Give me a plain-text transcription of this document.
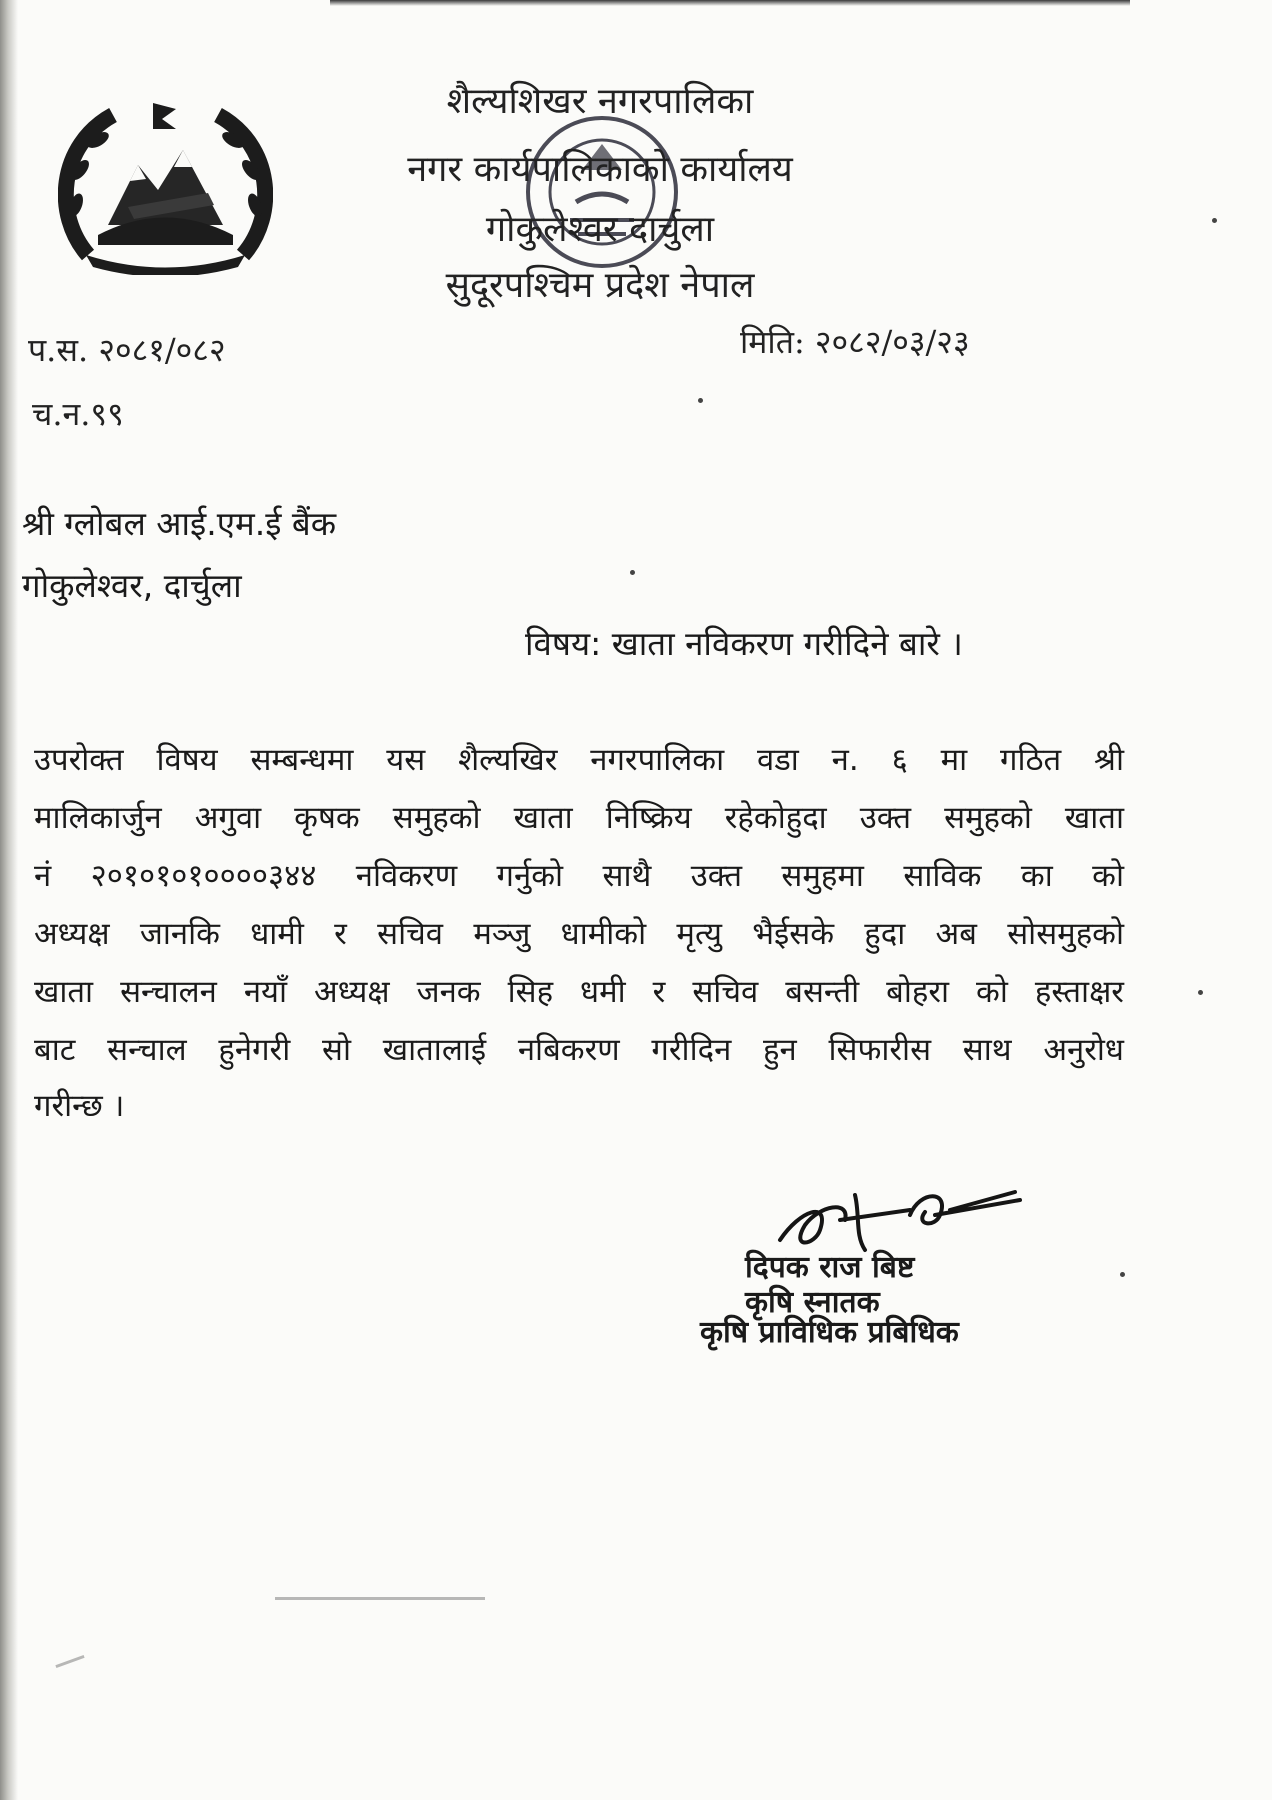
शैल्यशिखर नगरपालिका
नगर कार्यपालिकाको कार्यालय
गोकुलेश्वर दार्चुला
सुदूरपश्चिम प्रदेश नेपाल
प.स. २०८१/०८२	मिति: २०८२/०३/२३
च.न.९९
श्री ग्लोबल आई.एम.ई बैंक
गोकुलेश्वर, दार्चुला
विषय: खाता नविकरण गरीदिने बारे ।
उपरोक्त विषय सम्बन्धमा यस शैल्यखिर नगरपालिका वडा न. ६ मा गठित श्री
मालिकार्जुन अगुवा कृषक समुहको खाता निष्क्रिय रहेकोहुदा उक्त समुहको खाता
नं २०१०१०१००००३४४ नविकरण गर्नुको साथै उक्त समुहमा साविक का को
अध्यक्ष जानकि धामी र सचिव मञ्जु धामीको मृत्यु भैईसके हुदा अब सोसमुहको
खाता सन्चालन नयाँ अध्यक्ष जनक सिह धमी र सचिव बसन्ती बोहरा को हस्ताक्षर
बाट सन्चाल हुनेगरी सो खातालाई नबिकरण गरीदिन हुन सिफारीस साथ अनुरोध
गरीन्छ ।
दिपक राज बिष्ट
कृषि स्नातक
कृषि प्राविधिक प्रबिधिक
